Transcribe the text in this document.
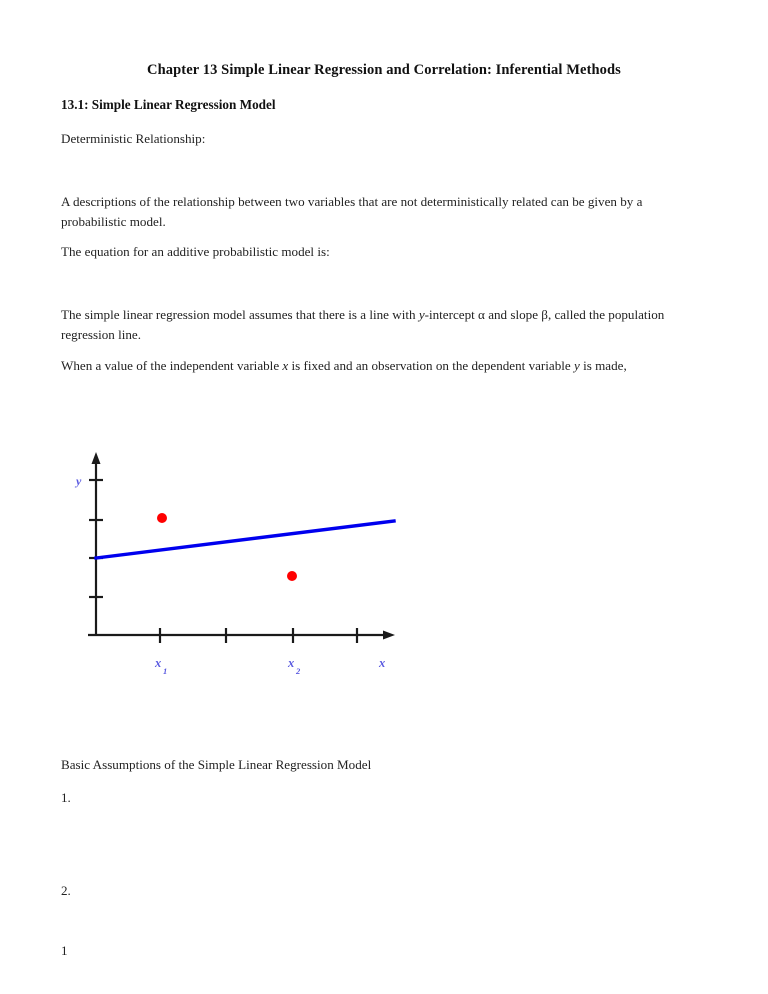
Chapter 13 Simple Linear Regression and Correlation: Inferential Methods
13.1: Simple Linear Regression Model
Deterministic Relationship:
A descriptions of the relationship between two variables that are not deterministically related can be given by a probabilistic model.
The equation for an additive probabilistic model is:
The simple linear regression model assumes that there is a line with y-intercept α and slope β, called the population regression line.
When a value of the independent variable x is fixed and an observation on the dependent variable y is made,
y
x
1
x
2
x
Basic Assumptions of the Simple Linear Regression Model
1.
2.
1
